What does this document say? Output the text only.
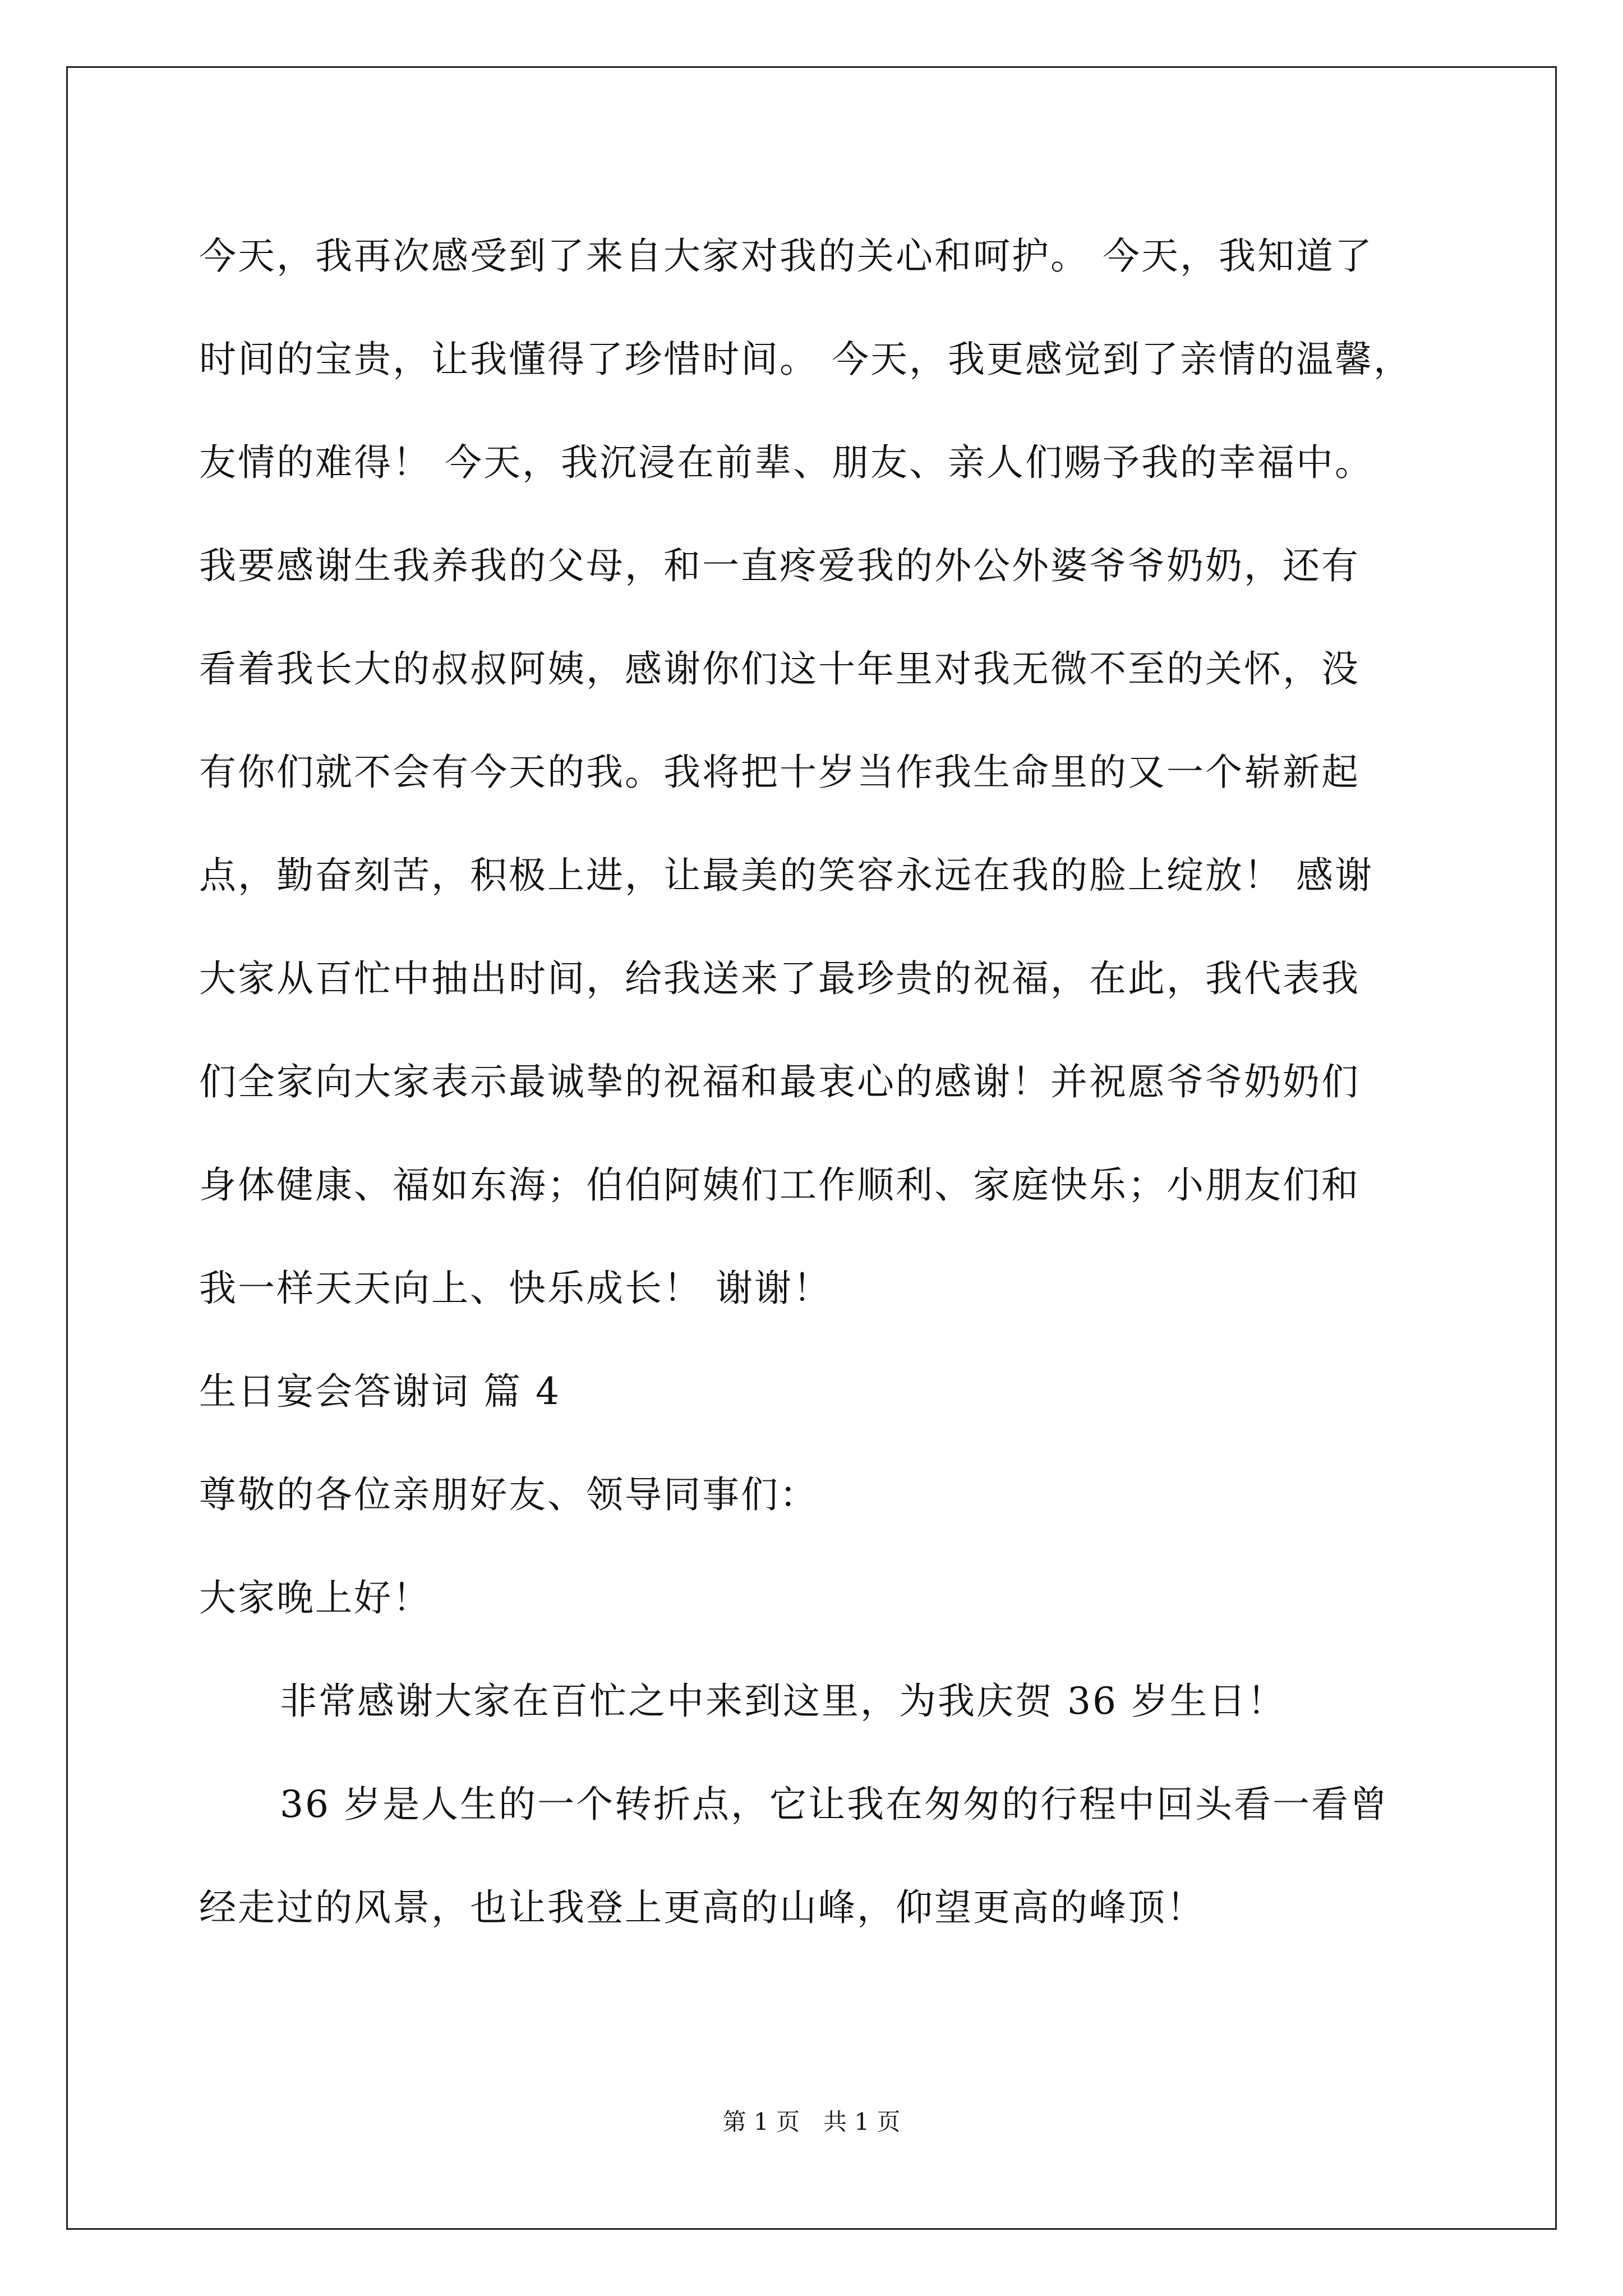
今天，我再次感受到了来自大家对我的关心和呵护。 今天，我知道了
时间的宝贵，让我懂得了珍惜时间。 今天，我更感觉到了亲情的温馨，
友情的难得！ 今天，我沉浸在前辈、朋友、亲人们赐予我的幸福中。
我要感谢生我养我的父母，和一直疼爱我的外公外婆爷爷奶奶，还有
看着我长大的叔叔阿姨，感谢你们这十年里对我无微不至的关怀，没
有你们就不会有今天的我。我将把十岁当作我生命里的又一个崭新起
点，勤奋刻苦，积极上进，让最美的笑容永远在我的脸上绽放！ 感谢
大家从百忙中抽出时间，给我送来了最珍贵的祝福，在此，我代表我
们全家向大家表示最诚挚的祝福和最衷心的感谢！并祝愿爷爷奶奶们
身体健康、福如东海；伯伯阿姨们工作顺利、家庭快乐；小朋友们和
我一样天天向上、快乐成长！ 谢谢！
生日宴会答谢词 篇 4
尊敬的各位亲朋好友、领导同事们：
大家晚上好！
非常感谢大家在百忙之中来到这里，为我庆贺 36 岁生日！
36 岁是人生的一个转折点，它让我在匆匆的行程中回头看一看曾
经走过的风景，也让我登上更高的山峰，仰望更高的峰顶！
第 1 页　共 1 页
